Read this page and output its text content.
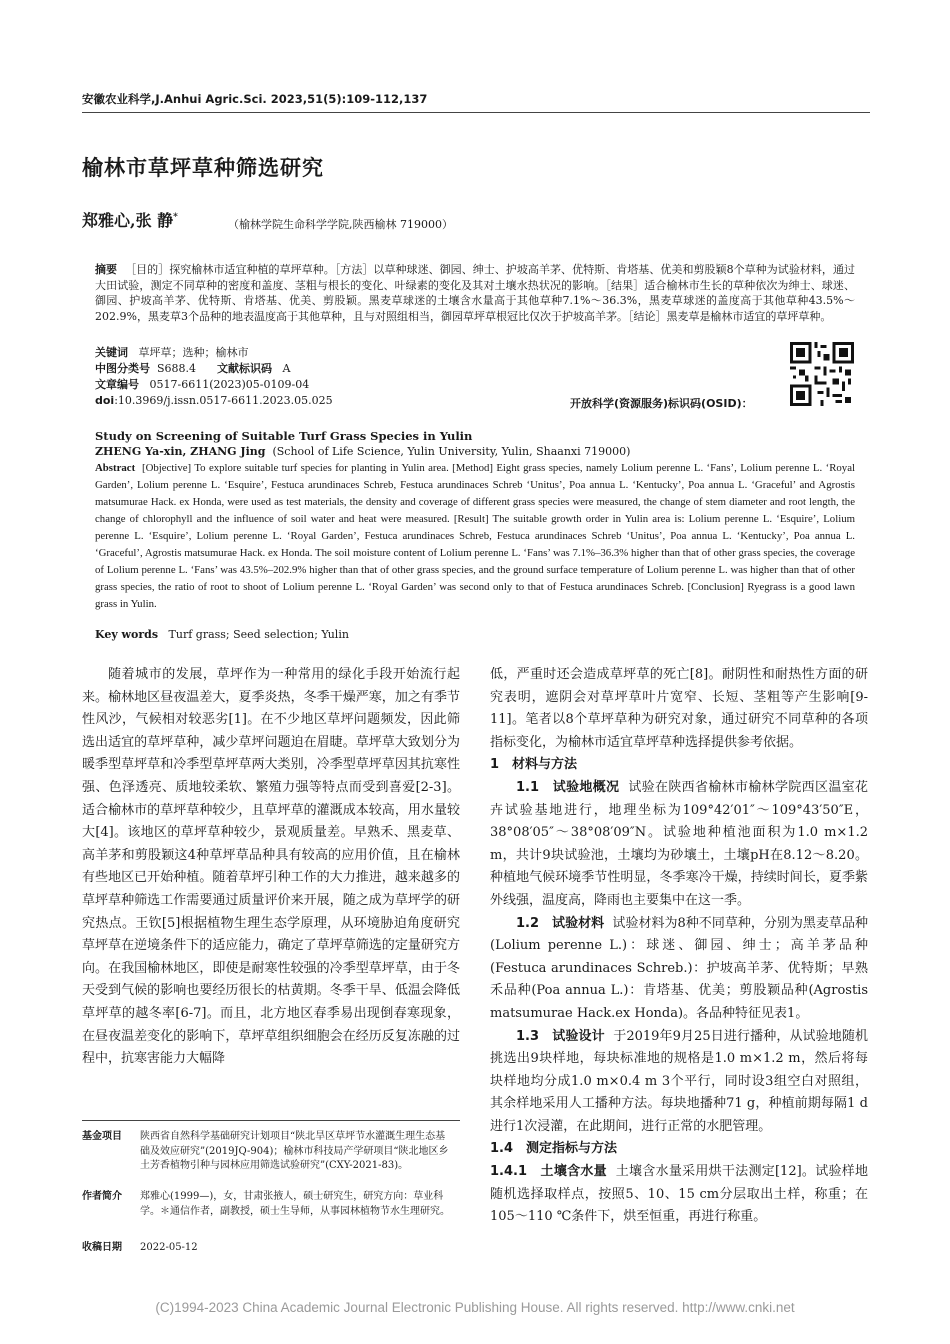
安徽农业科学,J.Anhui Agric.Sci. 2023,51(5):109-112,137
榆林市草坪草种筛选研究
郑雅心,张 静*
（榆林学院生命科学学院,陕西榆林 719000）
摘要 ［目的］探究榆林市适宜种植的草坪草种。［方法］以草种球迷、御园、绅士、护坡高羊茅、优特斯、肯塔基、优美和剪股颖8个草种为试验材料，通过大田试验，测定不同草种的密度和盖度、茎粗与根长的变化、叶绿素的变化及其对土壤水热状况的影响。［结果］适合榆林市生长的草种依次为绅士、球迷、御园、护坡高羊茅、优特斯、肯塔基、优美、剪股颖。黑麦草球迷的土壤含水量高于其他草种7.1%～36.3%，黑麦草球迷的盖度高于其他草种43.5%～202.9%，黑麦草3个品种的地表温度高于其他草种，且与对照组相当，御园草坪草根冠比仅次于护坡高羊茅。［结论］黑麦草是榆林市适宜的草坪草种。
关键词 草坪草；选种；榆林市
中图分类号 S688.4 文献标识码 A
文章编号 0517-6611(2023)05-0109-04
doi:10.3969/j.issn.0517-6611.2023.05.025	开放科学(资源服务)标识码(OSID)：
Study on Screening of Suitable Turf Grass Species in Yulin
ZHENG Ya-xin, ZHANG Jing (School of Life Science, Yulin University, Yulin, Shaanxi 719000)
Abstract [Objective] To explore suitable turf species for planting in Yulin area. [Method] Eight grass species, namely Lolium perenne L. ‘Fans’, Lolium perenne L. ‘Royal Garden’, Lolium perenne L. ‘Esquire’, Festuca arundinaces Schreb, Festuca arundinaces Schreb ‘Unitus’, Poa annua L. ‘Kentucky’, Poa annua L. ‘Graceful’ and Agrostis matsumurae Hack. ex Honda, were used as test materials, the density and coverage of different grass species were measured, the change of stem diameter and root length, the change of chlorophyll and the influence of soil water and heat were measured. [Result] The suitable growth order in Yulin area is: Lolium perenne L. ‘Esquire’, Lolium perenne L. ‘Esquire’, Lolium perenne L. ‘Royal Garden’, Festuca arundinaces Schreb, Festuca arundinaces Schreb ‘Unitus’, Poa annua L. ‘Kentucky’, Poa annua L. ‘Graceful’, Agrostis matsumurae Hack. ex Honda. The soil moisture content of Lolium perenne L. ‘Fans’ was 7.1%–36.3% higher than that of other grass species, the coverage of Lolium perenne L. ‘Fans’ was 43.5%–202.9% higher than that of other grass species, and the ground surface temperature of Lolium perenne L. was higher than that of other grass species, the ratio of root to shoot of Lolium perenne L. ‘Royal Garden’ was second only to that of Festuca arundinaces Schreb. [Conclusion] Ryegrass is a good lawn grass in Yulin.
Key words Turf grass; Seed selection; Yulin

随着城市的发展，草坪作为一种常用的绿化手段开始流行起来。榆林地区昼夜温差大，夏季炎热，冬季干燥严寒，加之有季节性风沙，气候相对较恶劣[1]。在不少地区草坪问题频发，因此筛选出适宜的草坪草种，减少草坪问题迫在眉睫。草坪草大致划分为暖季型草坪草和冷季型草坪草两大类别，冷季型草坪草因其抗寒性强、色泽透亮、质地较柔软、繁殖力强等特点而受到喜爱[2-3]。适合榆林市的草坪草种较少，且草坪草的灌溉成本较高，用水量较大[4]。该地区的草坪草种较少，景观质量差。早熟禾、黑麦草、高羊茅和剪股颖这4种草坪草品种具有较高的应用价值，且在榆林有些地区已开始种植。随着草坪引种工作的大力推进，越来越多的草坪草种筛选工作需要通过质量评价来开展，随之成为草坪学的研究热点。王钦[5]根据植物生理生态学原理，从环境胁迫角度研究草坪草在逆境条件下的适应能力，确定了草坪草筛选的定量研究方向。在我国榆林地区，即使是耐寒性较强的冷季型草坪草，由于冬天受到气候的影响也要经历很长的枯黄期。冬季干旱、低温会降低草坪草的越冬率[6-7]。而且，北方地区春季易出现倒春寒现象，在昼夜温差变化的影响下，草坪草组织细胞会在经历反复冻融的过程中，抗寒害能力大幅降

低，严重时还会造成草坪草的死亡[8]。耐阴性和耐热性方面的研究表明，遮阴会对草坪草叶片宽窄、长短、茎粗等产生影响[9-11]。笔者以8个草坪草种为研究对象，通过研究不同草种的各项指标变化，为榆林市适宜草坪草种选择提供参考依据。

1　材料与方法

1.1　试验地概况 试验在陕西省榆林市榆林学院西区温室花卉试验基地进行，地理坐标为109°42′01″～109°43′50″E，38°08′05″～38°08′09″N。试验地种植池面积为1.0 m×1.2 m，共计9块试验池，土壤均为砂壤土，土壤pH在8.12～8.20。种植地气候环境季节性明显，冬季寒冷干燥，持续时间长，夏季紫外线强，温度高，降雨也主要集中在这一季。

1.2　试验材料 试验材料为8种不同草种，分别为黑麦草品种(Lolium perenne L.)：球迷、御园、绅士；高羊茅品种(Festuca arundinaces Schreb.)：护坡高羊茅、优特斯；早熟禾品种(Poa annua L.)：肯塔基、优美；剪股颖品种(Agrostis matsumurae Hack.ex Honda)。各品种特征见表1。

1.3　试验设计 于2019年9月25日进行播种，从试验地随机挑选出9块样地，每块标准地的规格是1.0 m×1.2 m，然后将每块样地均分成1.0 m×0.4 m 3个平行，同时设3组空白对照组，其余样地采用人工播种方法。每块地播种71 g，种植前期每隔1 d进行1次浸灌，在此期间，进行正常的水肥管理。

1.4　测定指标与方法

1.4.1　土壤含水量 土壤含水量采用烘干法测定[12]。试验样地随机选择取样点，按照5、10、15 cm分层取出土样，称重；在105～110 ℃条件下，烘至恒重，再进行称重。

基金项目 陕西省自然科学基础研究计划项目“陕北旱区草坪节水灌溉生理生态基础及效应研究”(2019JQ-904)；榆林市科技局产学研项目“陕北地区乡土芳香植物引种与园林应用筛选试验研究”(CXY-2021-83)。
作者简介 郑雅心(1999—)，女，甘肃张掖人，硕士研究生，研究方向：草业科学。＊通信作者，副教授，硕士生导师，从事园林植物节水生理研究。
收稿日期 2022-05-12
(C)1994-2023 China Academic Journal Electronic Publishing House. All rights reserved. http://www.cnki.net
